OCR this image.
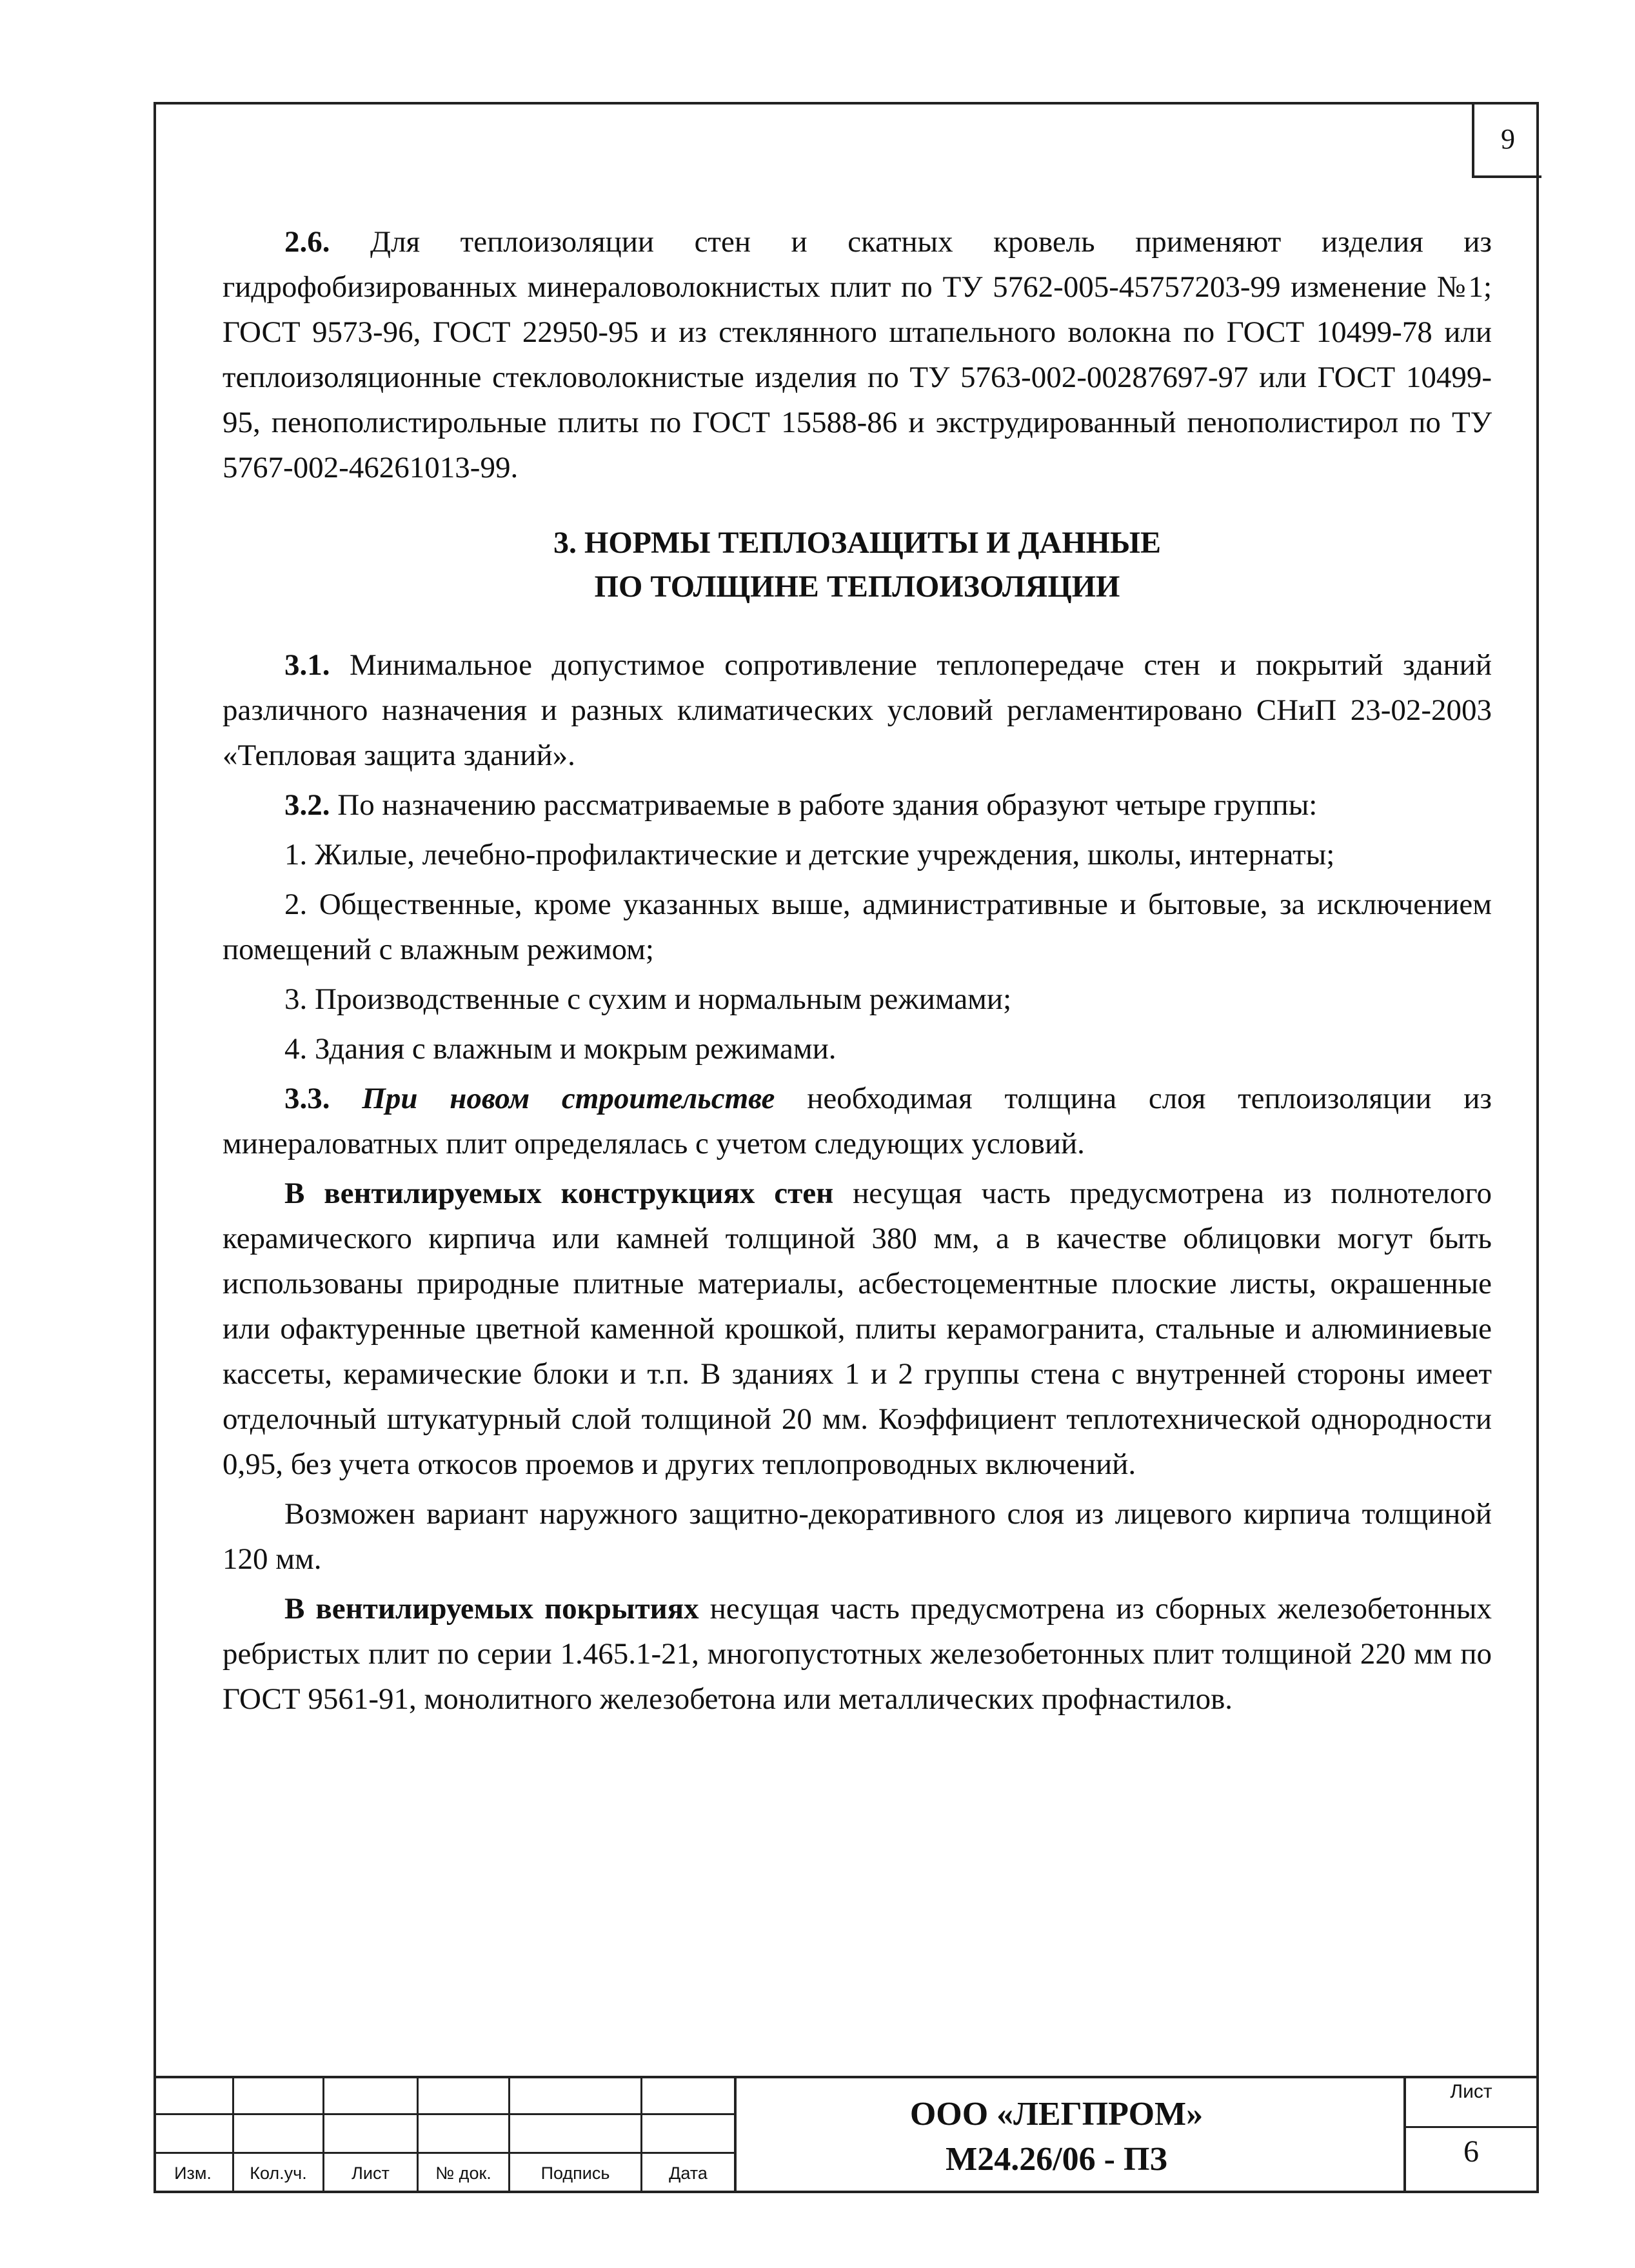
9

2.6. Для теплоизоляции стен и скатных кровель применяют изделия из гидрофобизированных минераловолокнистых плит по ТУ 5762-005-45757203-99 изменение №1; ГОСТ 9573-96, ГОСТ 22950-95 и из стеклянного штапельного волокна по ГОСТ 10499-78 или теплоизоляционные стекловолокнистые изделия по ТУ 5763-002-00287697-97 или ГОСТ 10499-95, пенополистирольные плиты по ГОСТ 15588-86 и экструдированный пенополистирол по ТУ 5767-002-46261013-99.

3. НОРМЫ ТЕПЛОЗАЩИТЫ И ДАННЫЕ
ПО ТОЛЩИНЕ ТЕПЛОИЗОЛЯЦИИ

3.1. Минимальное допустимое сопротивление теплопередаче стен и покрытий зданий различного назначения и разных климатических условий регламентировано СНиП 23-02-2003 «Тепловая защита зданий».

3.2. По назначению рассматриваемые в работе здания образуют четыре группы:

1. Жилые, лечебно-профилактические и детские учреждения, школы, интернаты;

2. Общественные, кроме указанных выше, административные и бытовые, за исключением помещений с влажным режимом;

3. Производственные с сухим и нормальным режимами;

4. Здания с влажным и мокрым режимами.

3.3. При новом строительстве необходимая толщина слоя теплоизоляции из минераловатных плит определялась с учетом следующих условий.

В вентилируемых конструкциях стен несущая часть предусмотрена из полнотелого керамического кирпича или камней толщиной 380 мм, а в качестве облицовки могут быть использованы природные плитные материалы, асбестоцементные плоские листы, окрашенные или офактуренные цветной каменной крошкой, плиты керамогранита, стальные и алюминиевые кассеты, керамические блоки и т.п. В зданиях 1 и 2 группы стена с внутренней стороны имеет отделочный штукатурный слой толщиной 20 мм. Коэффициент теплотехнической однородности 0,95, без учета откосов проемов и других теплопроводных включений.

Возможен вариант наружного защитно-декоративного слоя из лицевого кирпича толщиной 120 мм.

В вентилируемых покрытиях несущая часть предусмотрена из сборных железобетонных ребристых плит по серии 1.465.1-21, многопустотных железобетонных плит толщиной 220 мм по ГОСТ 9561-91, монолитного железобетона или металлических профнастилов.

Изм.	Кол.уч.	Лист	№ док.	Подпись	Дата
ООО «ЛЕГПРОМ»
М24.26/06 - ПЗ
Лист
6
